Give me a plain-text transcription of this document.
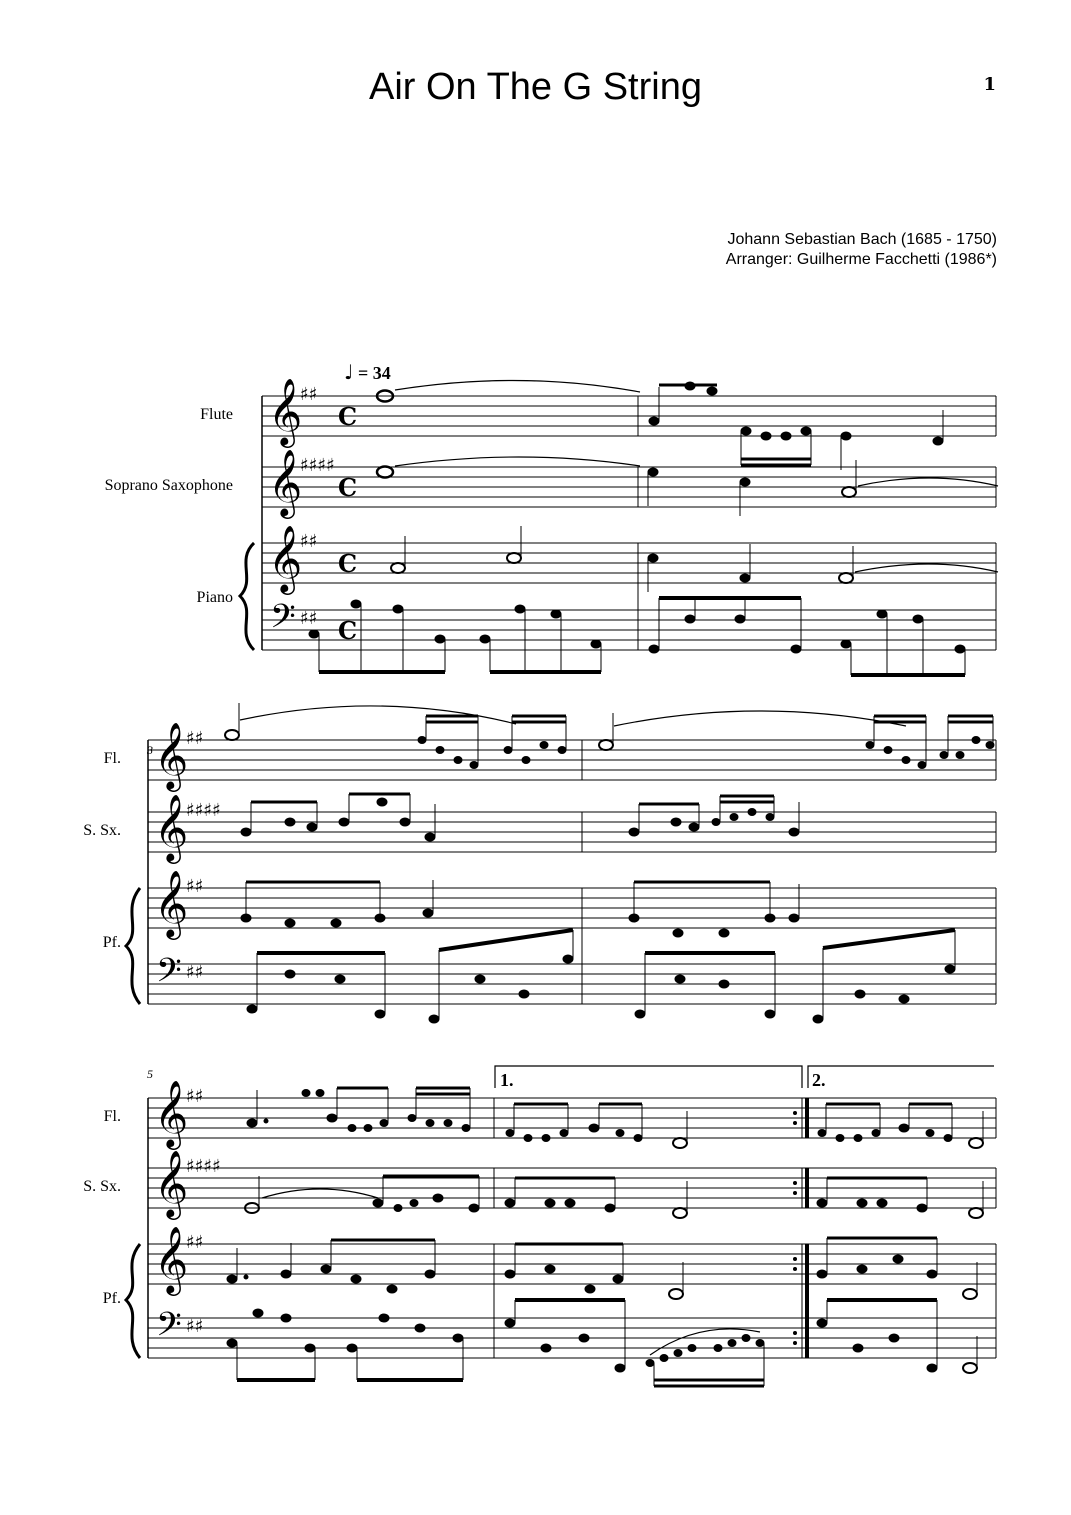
Air On The G String	1
Johann Sebastian Bach (1685 - 1750)
Arranger: Guilherme Facchetti (1986*)
♩ = 34
Flute
Soprano Saxophone
Piano
𝄞
𝄞
𝄞
𝄢
♯♯
♯♯♯♯
♯♯
♯♯
C
C
C
C
3
Fl.
S. Sx.
Pf.
𝄞
𝄞
𝄞
𝄢
♯♯
♯♯♯♯
♯♯
♯♯
5	1.	2.
Fl.
S. Sx.
Pf.
𝄞
𝄞
𝄞
𝄢
♯♯
♯♯♯♯
♯♯
♯♯
